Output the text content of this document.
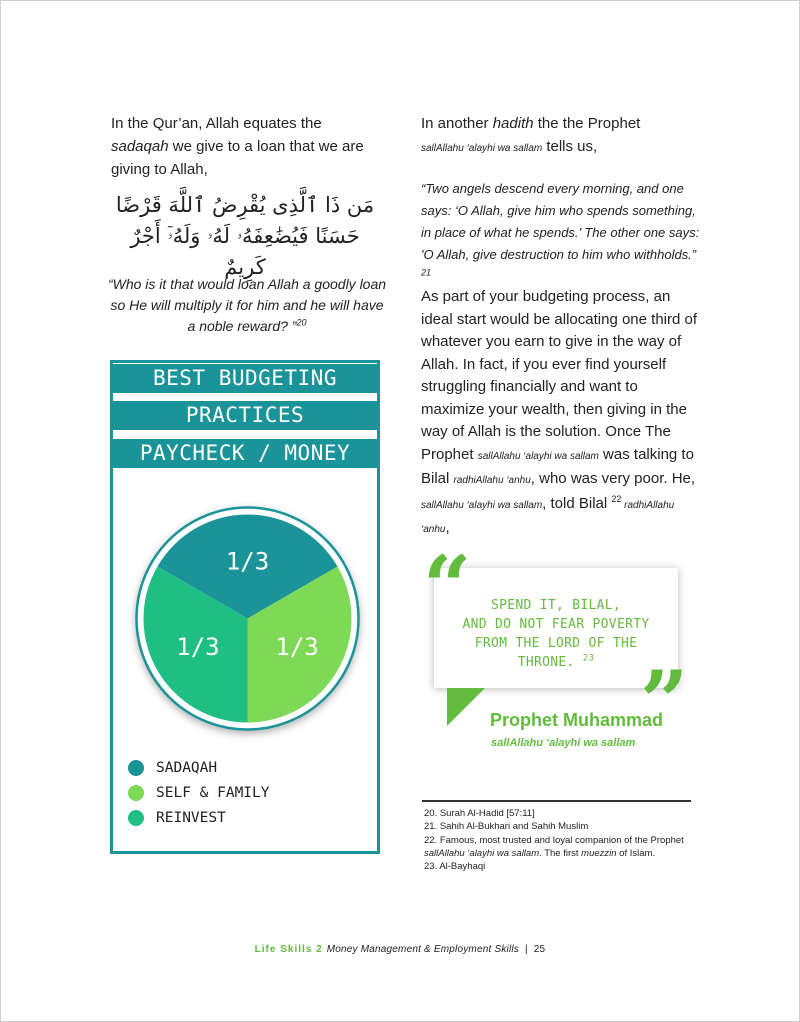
In the Qur’an, Allah equates the sadaqah we give to a loan that we are giving to Allah,
مَن ذَا ٱلَّذِى يُقْرِضُ ٱللَّهَ قَرْضًا
حَسَنًا فَيُضَٰعِفَهُۥ لَهُۥ وَلَهُۥٓ أَجْرٌ كَرِيمٌ
“Who is it that would loan Allah a goodly loan so He will multiply it for him and he will have a noble reward? ”$^{20}$
BEST BUDGETING
PRACTICES
PAYCHECK / MONEY
1/3
1/3
1/3
SADAQAH
SELF & FAMILY
REINVEST

In another hadith the the Prophet

sallAllahu ‘alayhi wa sallam tells us,

“Two angels descend every morning, and one says: ‘O Allah, give him who spends something, in place of what he spends.’ The other one says: 'O Allah, give destruction to him who withholds.” $^{21}$
As part of your budgeting process, an ideal start would be allocating one third of whatever you earn to give in the way of Allah. In fact, if you ever find yourself struggling financially and want to maximize your wealth, then giving in the way of Allah is the solution. Once The Prophet sallAllahu ‘alayhi wa sallam was talking to Bilal radhiAllahu ‘anhu, who was very poor. He, sallAllahu ‘alayhi wa sallam, told Bilal $^{22}$ radhiAllahu ‘anhu,
SPEND IT, BILAL,
AND DO NOT FEAR POVERTY
FROM THE LORD OF THE
THRONE. $^{23}$
“
”
Prophet Muhammad
sallAllahu ‘alayhi wa sallam
20. Surah Al-Hadid [57:11]
21. Sahih Al-Bukhari and Sahih Muslim
22. Famous, most trusted and loyal companion of the Prophet sallAllahu ‘alayhi wa sallam. The first muezzin of Islam.
23. Al-Bayhaqi
Life Skills 2 Money Management & Employment Skills | 25
